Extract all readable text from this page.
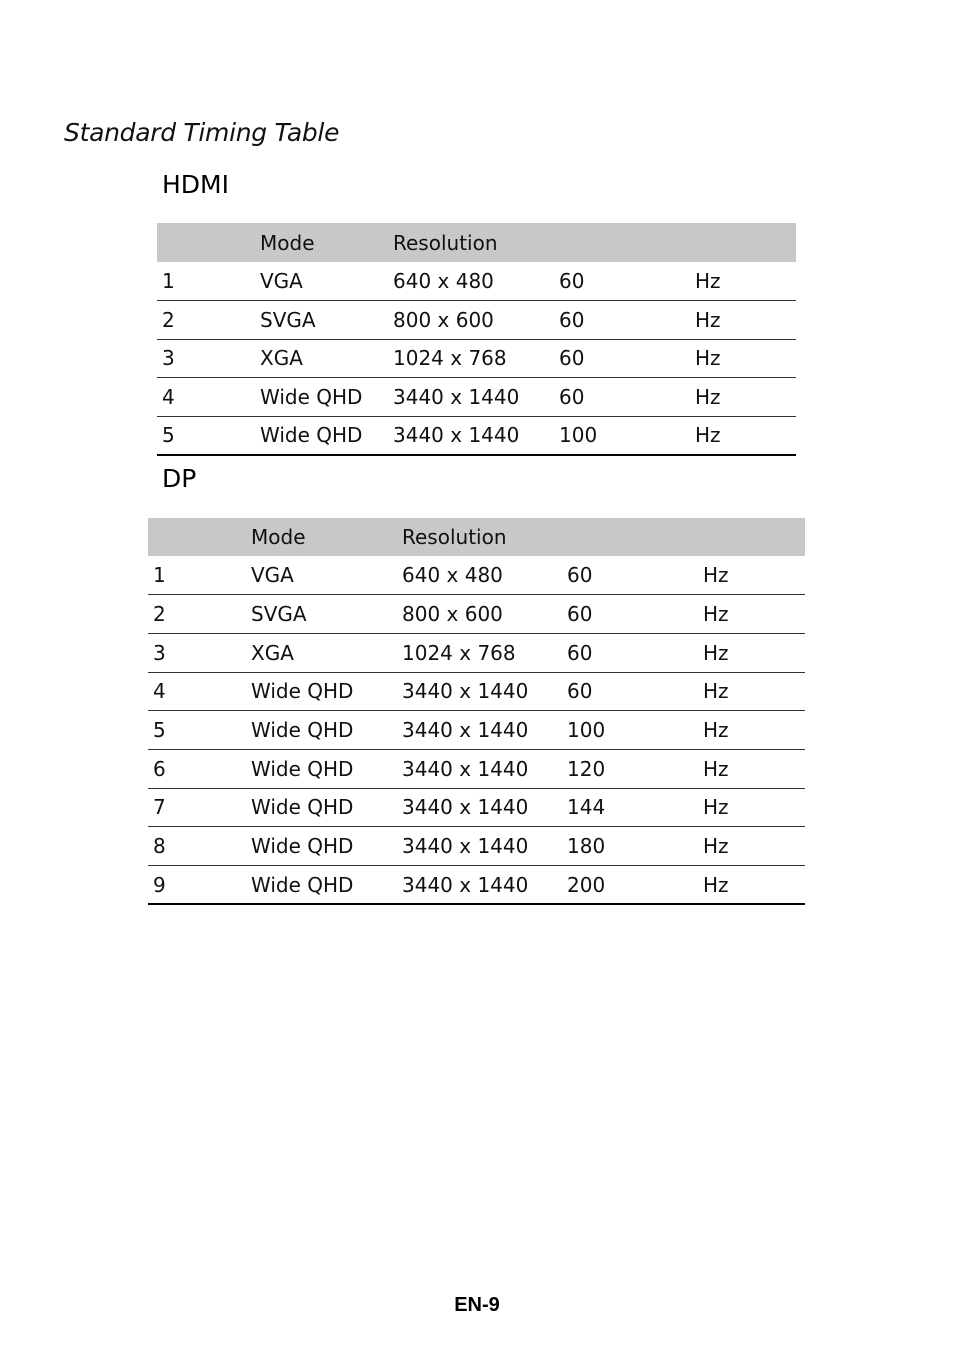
Standard Timing Table
HDMI
	Mode	Resolution		
1	VGA	640 x 480	60	Hz
2	SVGA	800 x 600	60	Hz
3	XGA	1024 x 768	60	Hz
4	Wide QHD	3440 x 1440	60	Hz
5	Wide QHD	3440 x 1440	100	Hz
DP
	Mode	Resolution		
1	VGA	640 x 480	60	Hz
2	SVGA	800 x 600	60	Hz
3	XGA	1024 x 768	60	Hz
4	Wide QHD	3440 x 1440	60	Hz
5	Wide QHD	3440 x 1440	100	Hz
6	Wide QHD	3440 x 1440	120	Hz
7	Wide QHD	3440 x 1440	144	Hz
8	Wide QHD	3440 x 1440	180	Hz
9	Wide QHD	3440 x 1440	200	Hz
EN-9
